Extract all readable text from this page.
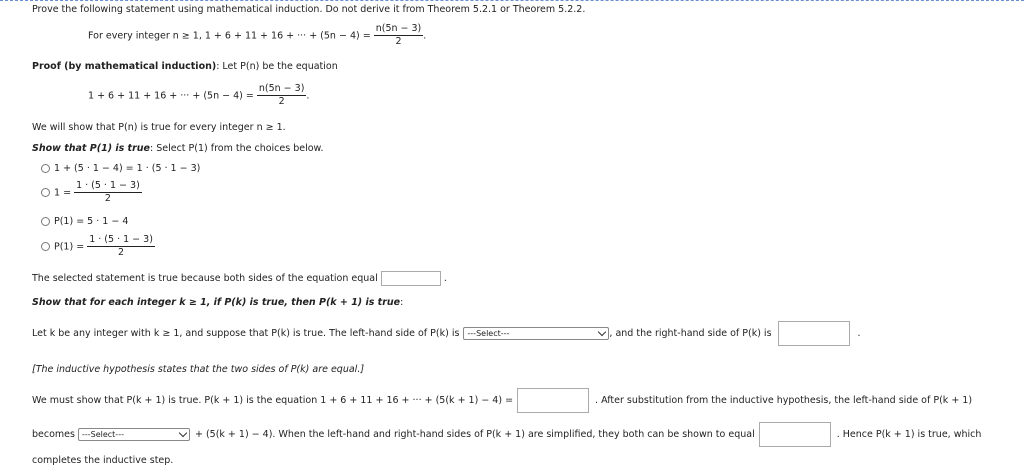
Prove the following statement using mathematical induction. Do not derive it from Theorem 5.2.1 or Theorem 5.2.2.
For every integer n ≥ 1, 1 + 6 + 11 + 16 + ··· + $(5n - 4) = \frac{n(5n - 3)}{2}$ .
Proof (by mathematical induction): Let P(n) be the equation
1 + 6 + 11 + 16 + ··· + $(5n - 4) = \frac{n(5n - 3)}{2}$ .
We will show that P(n) is true for every integer n ≥ 1.
Show that P(1) is true: Select P(1) from the choices below.
1 + (5 · 1 − 4) = 1 · (5 · 1 − 3)
$1 = \frac{1 \cdot (5 \cdot 1 - 3)}{2}$
P(1) = 5 · 1 − 4
$P(1) = \frac{1 \cdot (5 \cdot 1 - 3)}{2}$
The selected statement is true because both sides of the equation equal	.
Show that for each integer k ≥ 1, if P(k) is true, then P(k + 1) is true:
Let k be any integer with k ≥ 1, and suppose that P(k) is true. The left-hand side of P(k) is ---Select---	, and the right-hand side of P(k) is	.
[The inductive hypothesis states that the two sides of P(k) are equal.]
We must show that P(k + 1) is true. P(k + 1) is the equation 1 + 6 + 11 + 16 + ··· + (5(k + 1) − 4) =	. After substitution from the inductive hypothesis, the left-hand side of P(k + 1)
becomes ---Select---	+ (5(k + 1) − 4). When the left-hand and right-hand sides of P(k + 1) are simplified, they both can be shown to equal	. Hence P(k + 1) is true, which
completes the inductive step.
